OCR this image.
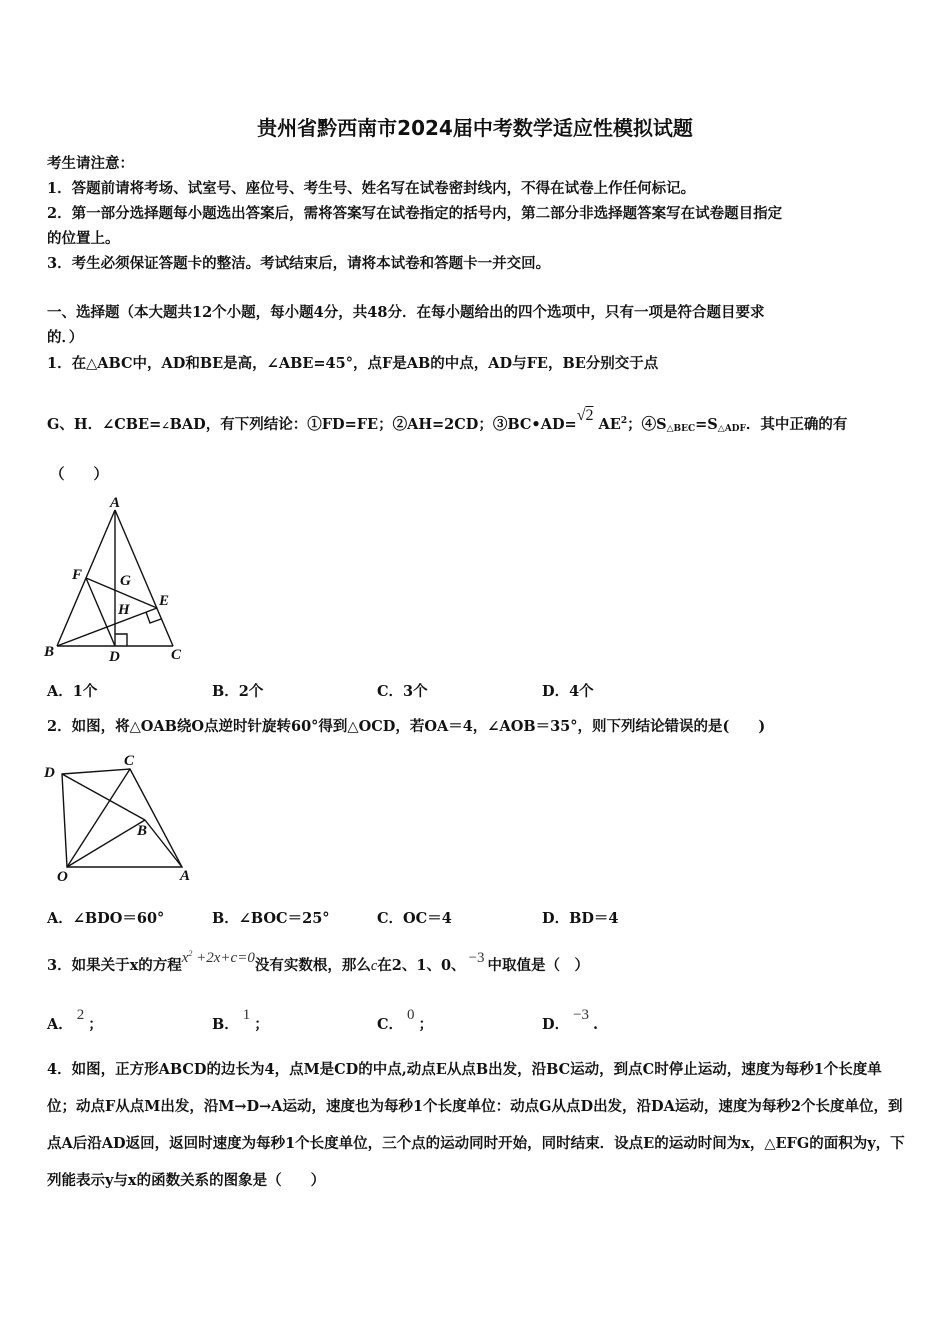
贵州省黔西南市2024届中考数学适应性模拟试题
考生请注意：
1．答题前请将考场、试室号、座位号、考生号、姓名写在试卷密封线内，不得在试卷上作任何标记。
2．第一部分选择题每小题选出答案后，需将答案写在试卷指定的括号内，第二部分非选择题答案写在试卷题目指定
的位置上。
3．考生必须保证答题卡的整洁。考试结束后，请将本试卷和答题卡一并交回。
一、选择题（本大题共12个小题，每小题4分，共48分．在每小题给出的四个选项中，只有一项是符合题目要求
的．）
1．在△ABC中，AD和BE是高，∠ABE=45°，点F是AB的中点，AD与FE，BE分别交于点
G、H．∠CBE=∠BAD，有下列结论：①FD=FE；②AH=2CD；③BC•AD=√2 $AE^2$；$④S_{\triangle BEC}=S_{\triangle ADF}$．其中正确的有
（　　）
A
F	G
H
E
B	D	C
A．1个	B．2个	C．3个	D．4个
2．如图，将△OAB绕O点逆时针旋转60°得到△OCD，若OA＝4，∠AOB＝35°，则下列结论错误的是(　　)
D
C
B
O	A
A．∠BDO＝60°	B．∠BOC＝25°	C．OC＝4	D．BD＝4
3．如果关于x的方程$x^2 +2x+c=0$没有实数根，那么c在2、1、0、 −3 中取值是（　）
A．2；	B．1；	C．0；	D．−3.
4．如图，正方形ABCD的边长为4，点M是CD的中点,动点E从点B出发，沿BC运动，到点C时停止运动，速度为每秒1个长度单位；动点F从点M出发，沿M→D→A运动，速度也为每秒1个长度单位：动点G从点D出发，沿DA运动，速度为每秒2个长度单位，到点A后沿AD返回，返回时速度为每秒1个长度单位，三个点的运动同时开始，同时结束．设点E的运动时间为x，△EFG的面积为y，下列能表示y与x的函数关系的图象是（　　）
